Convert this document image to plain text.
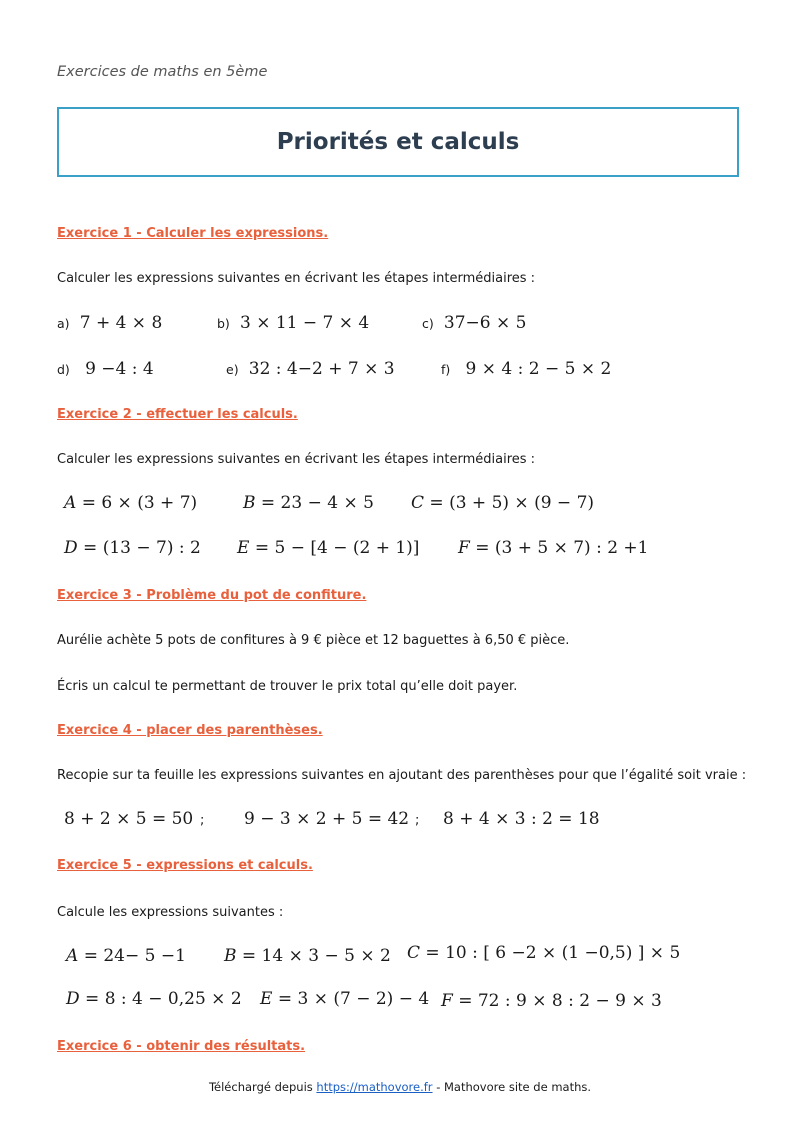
Exercices de maths en 5ème
Priorités et calculs
Exercice 1 - Calculer les expressions.
Calculer les expressions suivantes en écrivant les étapes intermédiaires :
a) 7 + 4 × 8	b) 3 × 11 − 7 × 4	c) 37−6 × 5
d) 9 −4 : 4	e) 32 : 4−2 + 7 × 3	f) 9 × 4 : 2 − 5 × 2
Exercice 2 - effectuer les calculs.
Calculer les expressions suivantes en écrivant les étapes intermédiaires :
A = 6 × (3 + 7)	B = 23 − 4 × 5 C = (3 + 5) × (9 − 7)
D = (13 − 7) : 2 E = 5 − [4 − (2 + 1)] F = (3 + 5 × 7) : 2 +1
Exercice 3 - Problème du pot de confiture.
Aurélie achète 5 pots de confitures à 9 € pièce et 12 baguettes à 6,50 € pièce.
Écris un calcul te permettant de trouver le prix total qu’elle doit payer.
Exercice 4 - placer des parenthèses.
Recopie sur ta feuille les expressions suivantes en ajoutant des parenthèses pour que l’égalité soit vraie :
8 + 2 × 5 = 50 ; 9 − 3 × 2 + 5 = 42 ; 8 + 4 × 3 : 2 = 18
Exercice 5 - expressions et calculs.
Calcule les expressions suivantes :
A = 24− 5 −1 B = 14 × 3 − 5 × 2 C = 10 : [ 6 −2 × (1 −0,5) ] × 5
D = 8 : 4 − 0,25 × 2 E = 3 × (7 − 2) − 4 F = 72 : 9 × 8 : 2 − 9 × 3
Exercice 6 - obtenir des résultats.
Téléchargé depuis https://mathovore.fr - Mathovore site de maths.
